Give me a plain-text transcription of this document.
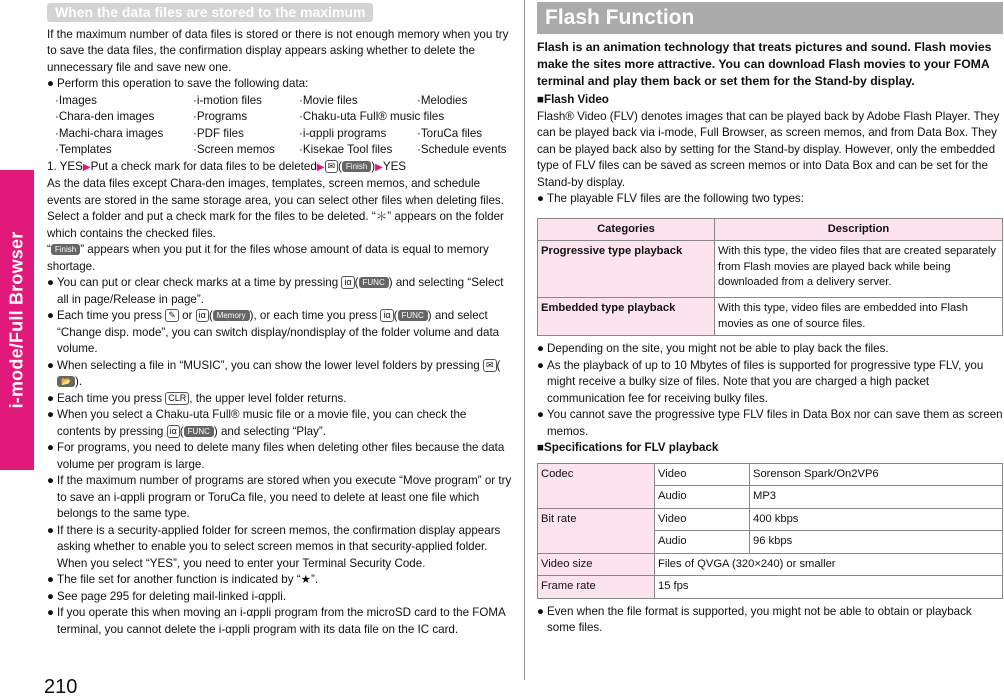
i-mode/Full Browser
210
When the data files are stored to the maximum

If the maximum number of data files is stored or there is not enough memory when you try to save the data files, the confirmation display appears asking whether to delete the unnecessary file and save new one.

● Perform this operation to save the following data:

·Images	·i-motion files	·Movie files	·Melodies
·Chara-den images	·Programs	·Chaku-uta Full® music files
·Machi-chara images	·PDF files	·i-αppli programs	·ToruCa files
·Templates	·Screen memos	·Kisekae Tool files	·Schedule events

1. YES▶Put a check mark for data files to be deleted▶ ✉ ( Finish )▶YES

As the data files except Chara-den images, templates, screen memos, and schedule events are stored in the same storage area, you can select other files when deleting files. Select a folder and put a check mark for the files to be deleted. “＊” appears on the folder which contains the checked files.

“ Finish ” appears when you put it for the files whose amount of data is equal to memory shortage.

● You can put or clear check marks at a time by pressing iα ( FUNC ) and selecting “Select all in page/Release in page”.

● Each time you press ✎ or iα ( Memory ), or each time you press iα ( FUNC ) and select “Change disp. mode”, you can switch display/nondisplay of the folder volume and data volume.

● When selecting a file in “MUSIC”, you can show the lower level folders by pressing ✉ (📂 ).

● Each time you press CLR , the upper level folder returns.

● When you select a Chaku-uta Full® music file or a movie file, you can check the contents by pressing iα ( FUNC ) and selecting “Play”.

● For programs, you need to delete many files when deleting other files because the data volume per program is large.

● If the maximum number of programs are stored when you execute “Move program” or try to save an i-αppli program or ToruCa file, you need to delete at least one file which belongs to the same type.

● If there is a security-applied folder for screen memos, the confirmation display appears asking whether to enable you to select screen memos in that security-applied folder. When you select “YES”, you need to enter your Terminal Security Code.

● The file set for another function is indicated by “★”.

● See page 295 for deleting mail-linked i-αppli.

● If you operate this when moving an i-αppli program from the microSD card to the FOMA terminal, you cannot delete the i-αppli program with its data file on the IC card.

Flash Function

Flash is an animation technology that treats pictures and sound. Flash movies make the sites more attractive. You can download Flash movies to your FOMA terminal and play them back or set them for the Stand-by display.

■Flash Video

Flash® Video (FLV) denotes images that can be played back by Adobe Flash Player. They can be played back via i-mode, Full Browser, as screen memos, and from Data Box. They can be played back also by setting for the Stand-by display. However, only the embedded type of FLV files can be saved as screen memos or into Data Box and can be set for the Stand-by display.

● The playable FLV files are the following two types:

Categories	Description
Progressive type playback	With this type, the video files that are created separately from Flash movies are played back while being downloaded from a delivery server.
Embedded type playback	With this type, video files are embedded into Flash movies as one of source files.

● Depending on the site, you might not be able to play back the files.

● As the playback of up to 10 Mbytes of files is supported for progressive type FLV, you might receive a bulky size of files. Note that you are charged a high packet communication fee for receiving bulky files.

● You cannot save the progressive type FLV files in Data Box nor can save them as screen memos.

■Specifications for FLV playback

Codec	Video	Sorenson Spark/On2VP6
	Audio	MP3
Bit rate	Video	400 kbps
	Audio	96 kbps
Video size	Files of QVGA (320×240) or smaller	
Frame rate	15 fps	

● Even when the file format is supported, you might not be able to obtain or playback some files.
